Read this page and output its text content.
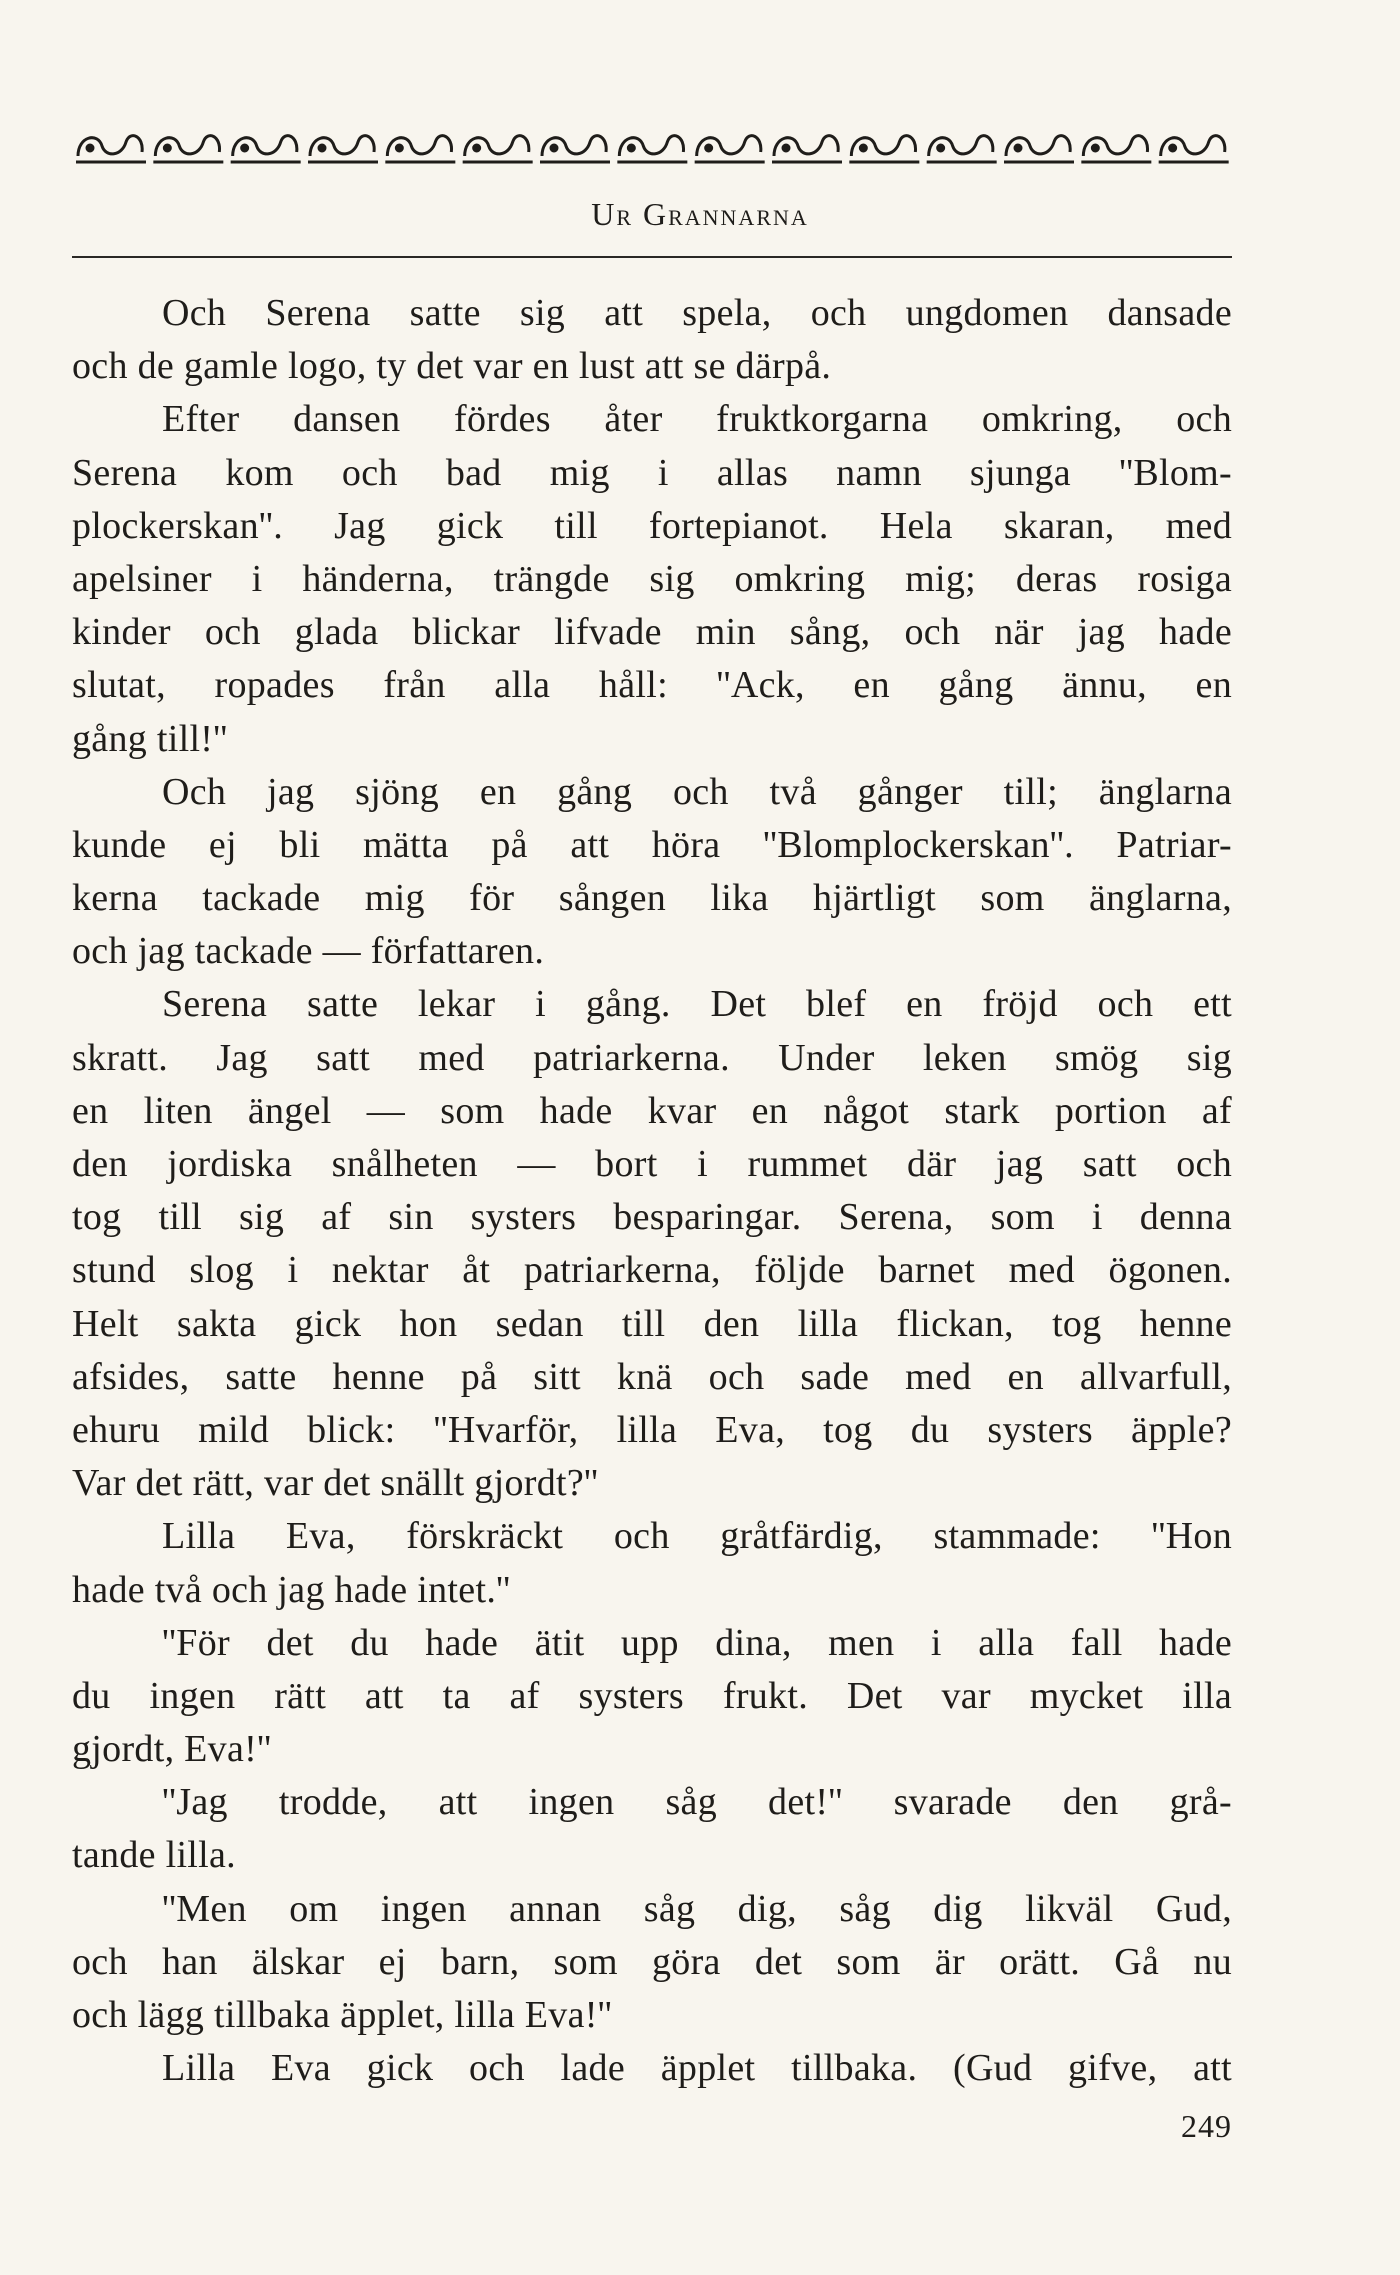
Ur Grannarna
Och Serena satte sig att spela, och ungdomen dansade
och de gamle logo, ty det var en lust att se därpå.
Efter dansen fördes åter fruktkorgarna omkring, och
Serena kom och bad mig i allas namn sjunga ''Blom-
plockerskan''. Jag gick till fortepianot. Hela skaran, med
apelsiner i händerna, trängde sig omkring mig; deras rosiga
kinder och glada blickar lifvade min sång, och när jag hade
slutat, ropades från alla håll: ''Ack, en gång ännu, en
gång till!''
Och jag sjöng en gång och två gånger till; änglarna
kunde ej bli mätta på att höra ''Blomplockerskan''. Patriar-
kerna tackade mig för sången lika hjärtligt som änglarna,
och jag tackade — författaren.
Serena satte lekar i gång. Det blef en fröjd och ett
skratt. Jag satt med patriarkerna. Under leken smög sig
en liten ängel — som hade kvar en något stark portion af
den jordiska snålheten — bort i rummet där jag satt och
tog till sig af sin systers besparingar. Serena, som i denna
stund slog i nektar åt patriarkerna, följde barnet med ögonen.
Helt sakta gick hon sedan till den lilla flickan, tog henne
afsides, satte henne på sitt knä och sade med en allvarfull,
ehuru mild blick: ''Hvarför, lilla Eva, tog du systers äpple?
Var det rätt, var det snällt gjordt?''
Lilla Eva, förskräckt och gråtfärdig, stammade: ''Hon
hade två och jag hade intet.''
''För det du hade ätit upp dina, men i alla fall hade
du ingen rätt att ta af systers frukt. Det var mycket illa
gjordt, Eva!''
''Jag trodde, att ingen såg det!'' svarade den grå-
tande lilla.
''Men om ingen annan såg dig, såg dig likväl Gud,
och han älskar ej barn, som göra det som är orätt. Gå nu
och lägg tillbaka äpplet, lilla Eva!''
Lilla Eva gick och lade äpplet tillbaka. (Gud gifve, att
249
